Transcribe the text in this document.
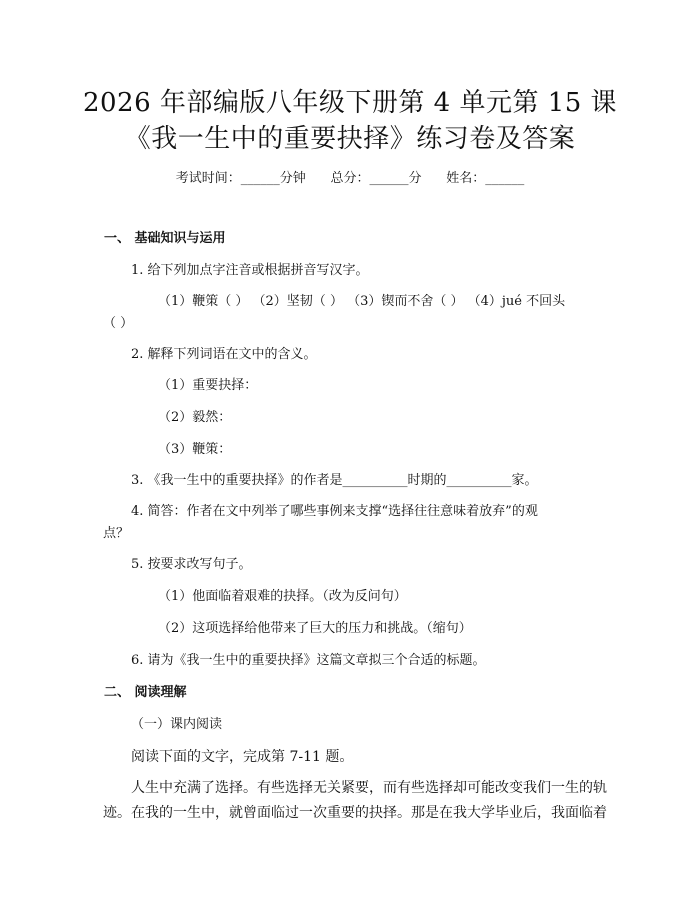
2026 年部编版八年级下册第 4 单元第 15 课
《我一生中的重要抉择》练习卷及答案
考试时间：______分钟      总分：______分      姓名：______
一、 基础知识与运用
1. 给下列加点字注音或根据拼音写汉字。
（1）鞭策（ ） （2）坚韧（ ） （3）锲而不舍（ ） （4）jué 不回头
（ ）
2. 解释下列词语在文中的含义。
（1）重要抉择：
（2）毅然：
（3）鞭策：
3. 《我一生中的重要抉择》的作者是__________时期的__________家。
4. 简答：作者在文中列举了哪些事例来支撑“选择往往意味着放弃”的观
点？
5. 按要求改写句子。
（1）他面临着艰难的抉择。（改为反问句）
（2）这项选择给他带来了巨大的压力和挑战。（缩句）
6. 请为《我一生中的重要抉择》这篇文章拟三个合适的标题。
二、 阅读理解
（一）课内阅读
阅读下面的文字，完成第 7-11 题。
人生中充满了选择。有些选择无关紧要，而有些选择却可能改变我们一生的轨
迹。在我的一生中，就曾面临过一次重要的抉择。那是在我大学毕业后，我面临着
